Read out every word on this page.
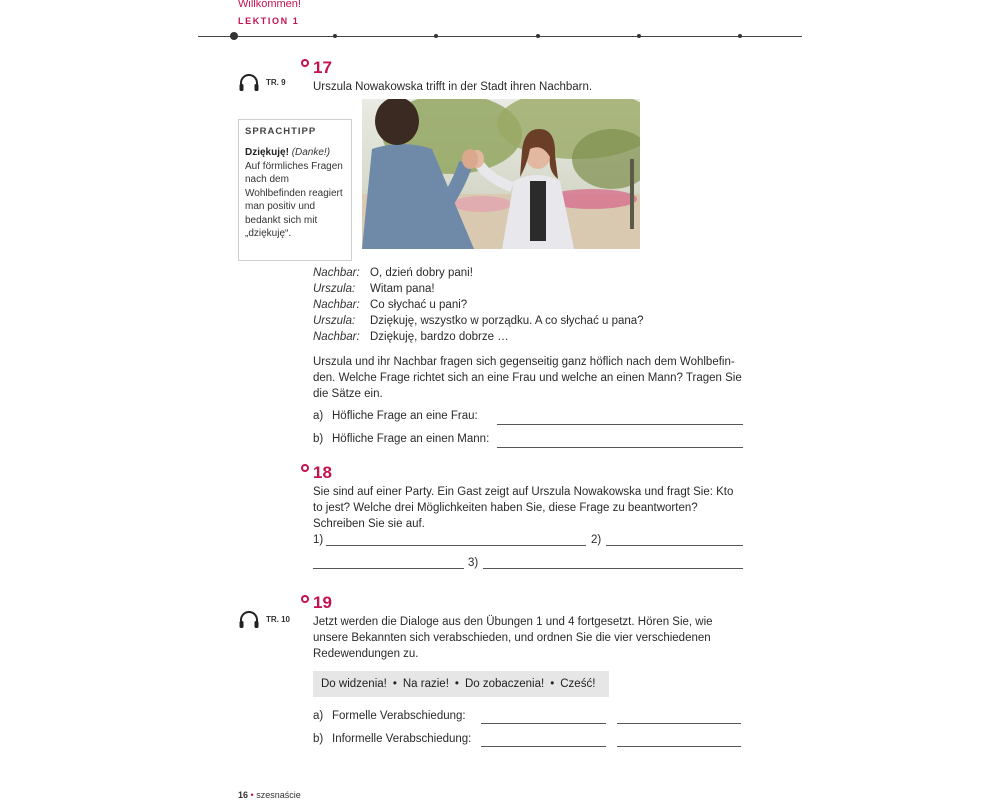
Willkommen!
LEKTION 1
TR. 9
17
Urszula Nowakowska trifft in der Stadt ihren Nachbarn.
SPRACHTIPP
Dziękuję! (Danke!) Auf förmliches Fragen nach dem Wohlbefinden reagiert man positiv und bedankt sich mit „dziękuję“.
Nachbar: O, dzień dobry pani!
Urszula:	Witam pana!
Nachbar: Co słychać u pani?
Urszula:	Dziękuję, wszystko w porządku. A co słychać u pana?
Nachbar: Dziękuję, bardzo dobrze …
Urszula und ihr Nachbar fragen sich gegenseitig ganz höflich nach dem Wohlbefin-
den. Welche Frage richtet sich an eine Frau und welche an einen Mann? Tragen Sie
die Sätze ein.
a) Höfliche Frage an eine Frau:
b) Höfliche Frage an einen Mann:
18
Sie sind auf einer Party. Ein Gast zeigt auf Urszula Nowakowska und fragt Sie: Kto
to jest? Welche drei Möglichkeiten haben Sie, diese Frage zu beantworten?
Schreiben Sie sie auf.
1)	2)
3)
TR. 10
19
Jetzt werden die Dialoge aus den Übungen 1 und 4 fortgesetzt. Hören Sie, wie
unsere Bekannten sich verabschieden, und ordnen Sie die vier verschiedenen
Redewendungen zu.
Do widzenia! • Na razie! • Do zobaczenia! • Cześć!
a) Formelle Verabschiedung:
b) Informelle Verabschiedung:
16 • szesnaście
